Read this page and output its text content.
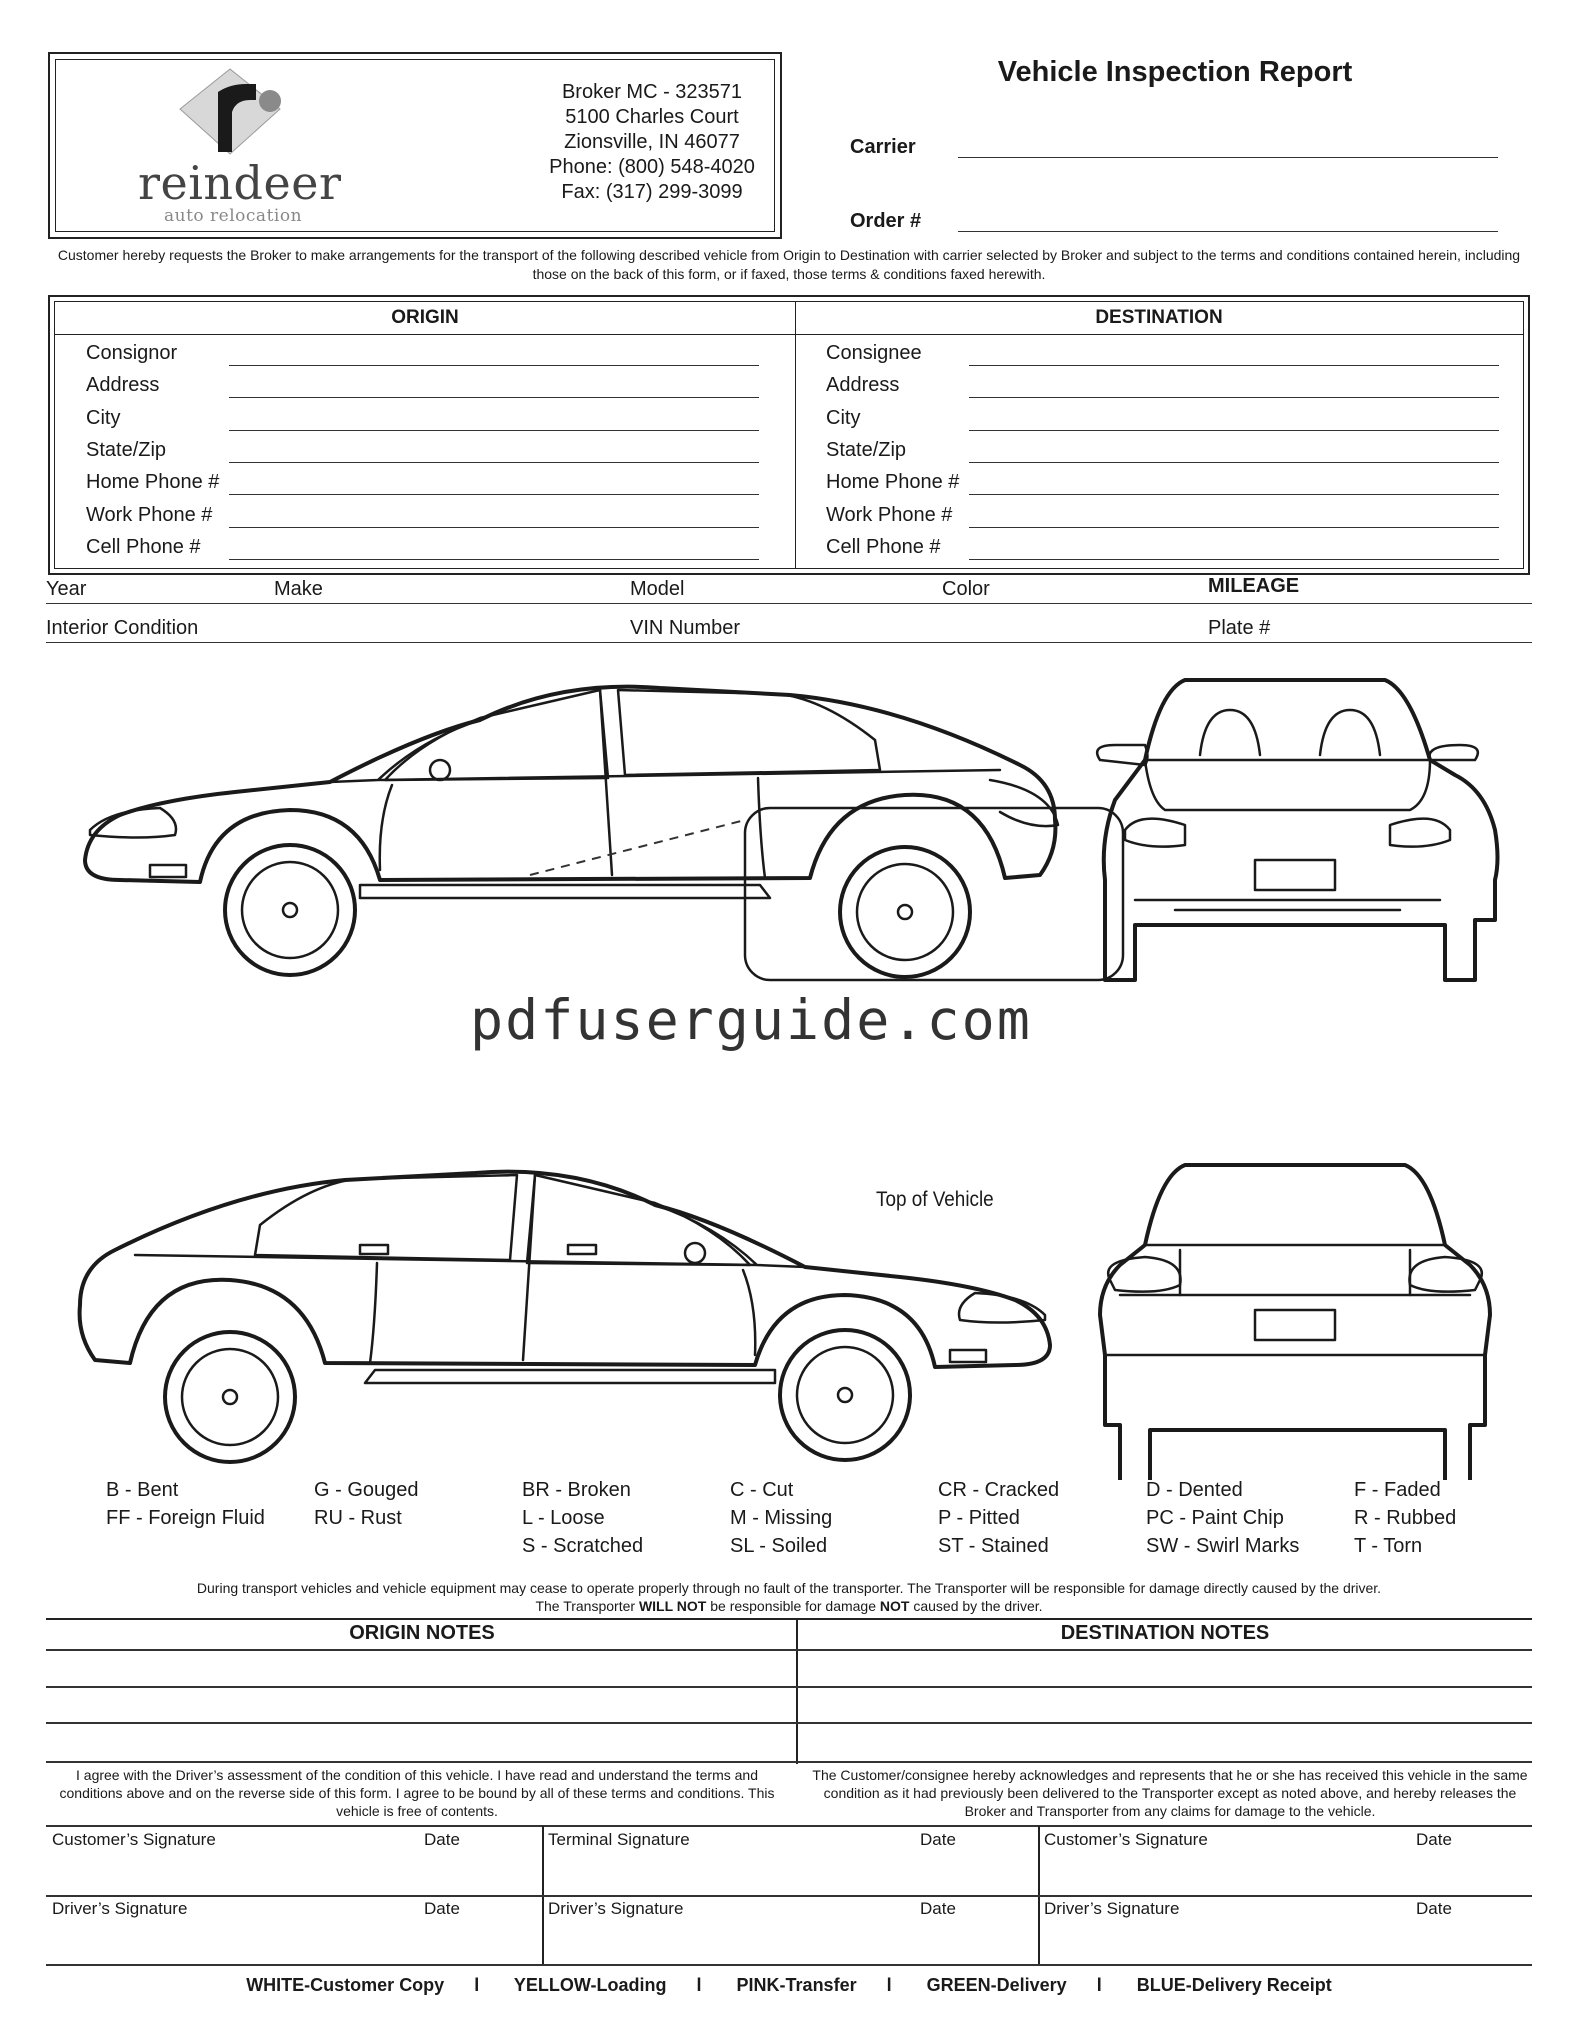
reindeer
auto relocation
Broker MC - 323571
5100 Charles Court
Zionsville, IN 46077
Phone: (800) 548-4020
Fax: (317) 299-3099
Vehicle Inspection Report
Carrier
Order #
Customer hereby requests the Broker to make arrangements for the transport of the following described vehicle from Origin to Destination with carrier selected by Broker and subject to the terms and conditions contained herein, including those on the back of this form, or if faxed, those terms & conditions faxed herewith.
ORIGIN	DESTINATION
Consignor
Address
City
State/Zip
Home Phone #
Work Phone #
Cell Phone #
Consignee
Address
City
State/Zip
Home Phone #
Work Phone #
Cell Phone #
Year	Make	Model	Color	MILEAGE
Interior Condition	VIN Number	Plate #
pdfuserguide.com
Top of Vehicle
B - Bent
FF - Foreign Fluid
G - Gouged
RU - Rust
BR - Broken
L - Loose
S - Scratched
C - Cut
M - Missing
SL - Soiled
CR - Cracked
P - Pitted
ST - Stained
D - Dented
PC - Paint Chip
SW - Swirl Marks
F - Faded
R - Rubbed
T - Torn
During transport vehicles and vehicle equipment may cease to operate properly through no fault of the transporter. The Transporter will be responsible for damage directly caused by the driver.
The Transporter WILL NOT be responsible for damage NOT caused by the driver.
ORIGIN NOTES	DESTINATION NOTES
I agree with the Driver’s assessment of the condition of this vehicle. I have read and understand the terms and conditions above and on the reverse side of this form. I agree to be bound by all of these terms and conditions. This vehicle is free of contents.
The Customer/consignee hereby acknowledges and represents that he or she has received this vehicle in the same condition as it had previously been delivered to the Transporter except as noted above, and hereby releases the Broker and Transporter from any claims for damage to the vehicle.
Customer’s Signature	Date
Driver’s Signature	Date
Terminal Signature	Date
Driver’s Signature	Date
Customer’s Signature	Date
Driver’s Signature	Date
WHITE-Customer Copy l YELLOW-Loading l PINK-Transfer l GREEN-Delivery l BLUE-Delivery Receipt
